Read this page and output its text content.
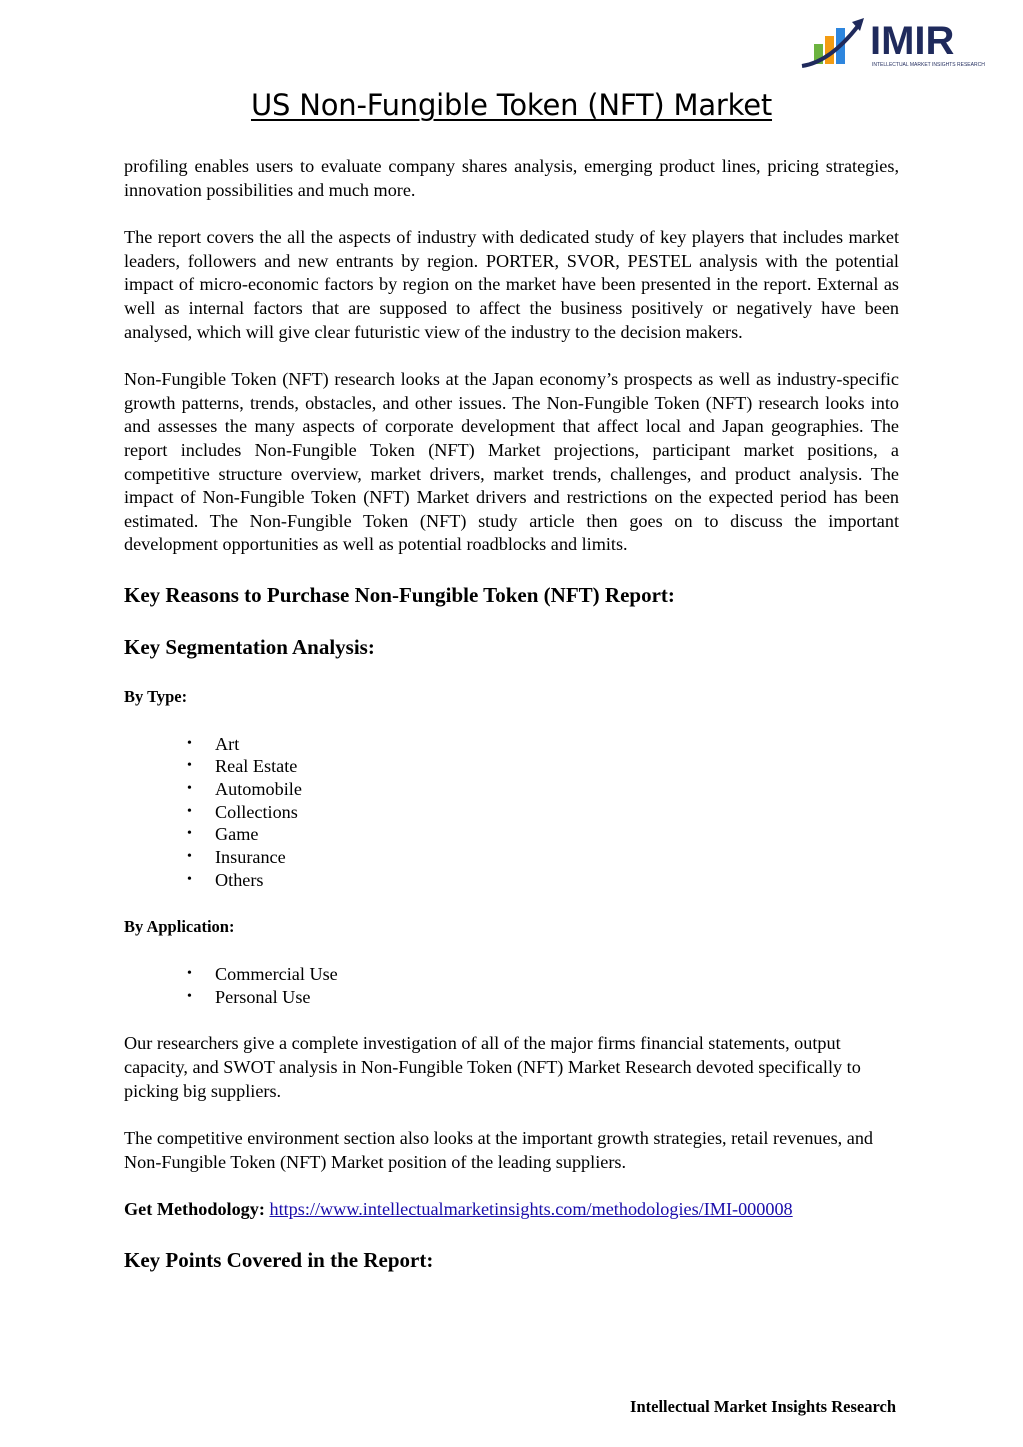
IMIR
INTELLECTUAL MARKET INSIGHTS RESEARCH
US Non-Fungible Token (NFT) Market

profiling enables users to evaluate company shares analysis, emerging product lines, pricing strategies, innovation possibilities and much more.

The report covers the all the aspects of industry with dedicated study of key players that includes market leaders, followers and new entrants by region. PORTER, SVOR, PESTEL analysis with the potential impact of micro-economic factors by region on the market have been presented in the report. External as well as internal factors that are supposed to affect the business positively or negatively have been analysed, which will give clear futuristic view of the industry to the decision makers.

Non-Fungible Token (NFT) research looks at the Japan economy’s prospects as well as industry-specific growth patterns, trends, obstacles, and other issues. The Non-Fungible Token (NFT) research looks into and assesses the many aspects of corporate development that affect local and Japan geographies. The report includes Non-Fungible Token (NFT) Market projections, participant market positions, a competitive structure overview, market drivers, market trends, challenges, and product analysis. The impact of Non-Fungible Token (NFT) Market drivers and restrictions on the expected period has been estimated. The Non-Fungible Token (NFT) study article then goes on to discuss the important development opportunities as well as potential roadblocks and limits.

Key Reasons to Purchase Non-Fungible Token (NFT) Report:
Key Segmentation Analysis:
By Type:
• Art
• Real Estate
• Automobile
• Collections
• Game
• Insurance
• Others
By Application:
• Commercial Use
• Personal Use

Our researchers give a complete investigation of all of the major firms financial statements, output capacity, and SWOT analysis in Non-Fungible Token (NFT) Market Research devoted specifically to picking big suppliers.

The competitive environment section also looks at the important growth strategies, retail revenues, and Non-Fungible Token (NFT) Market position of the leading suppliers.

Get Methodology: https://www.intellectualmarketinsights.com/methodologies/IMI-000008

Key Points Covered in the Report:
Intellectual Market Insights Research
